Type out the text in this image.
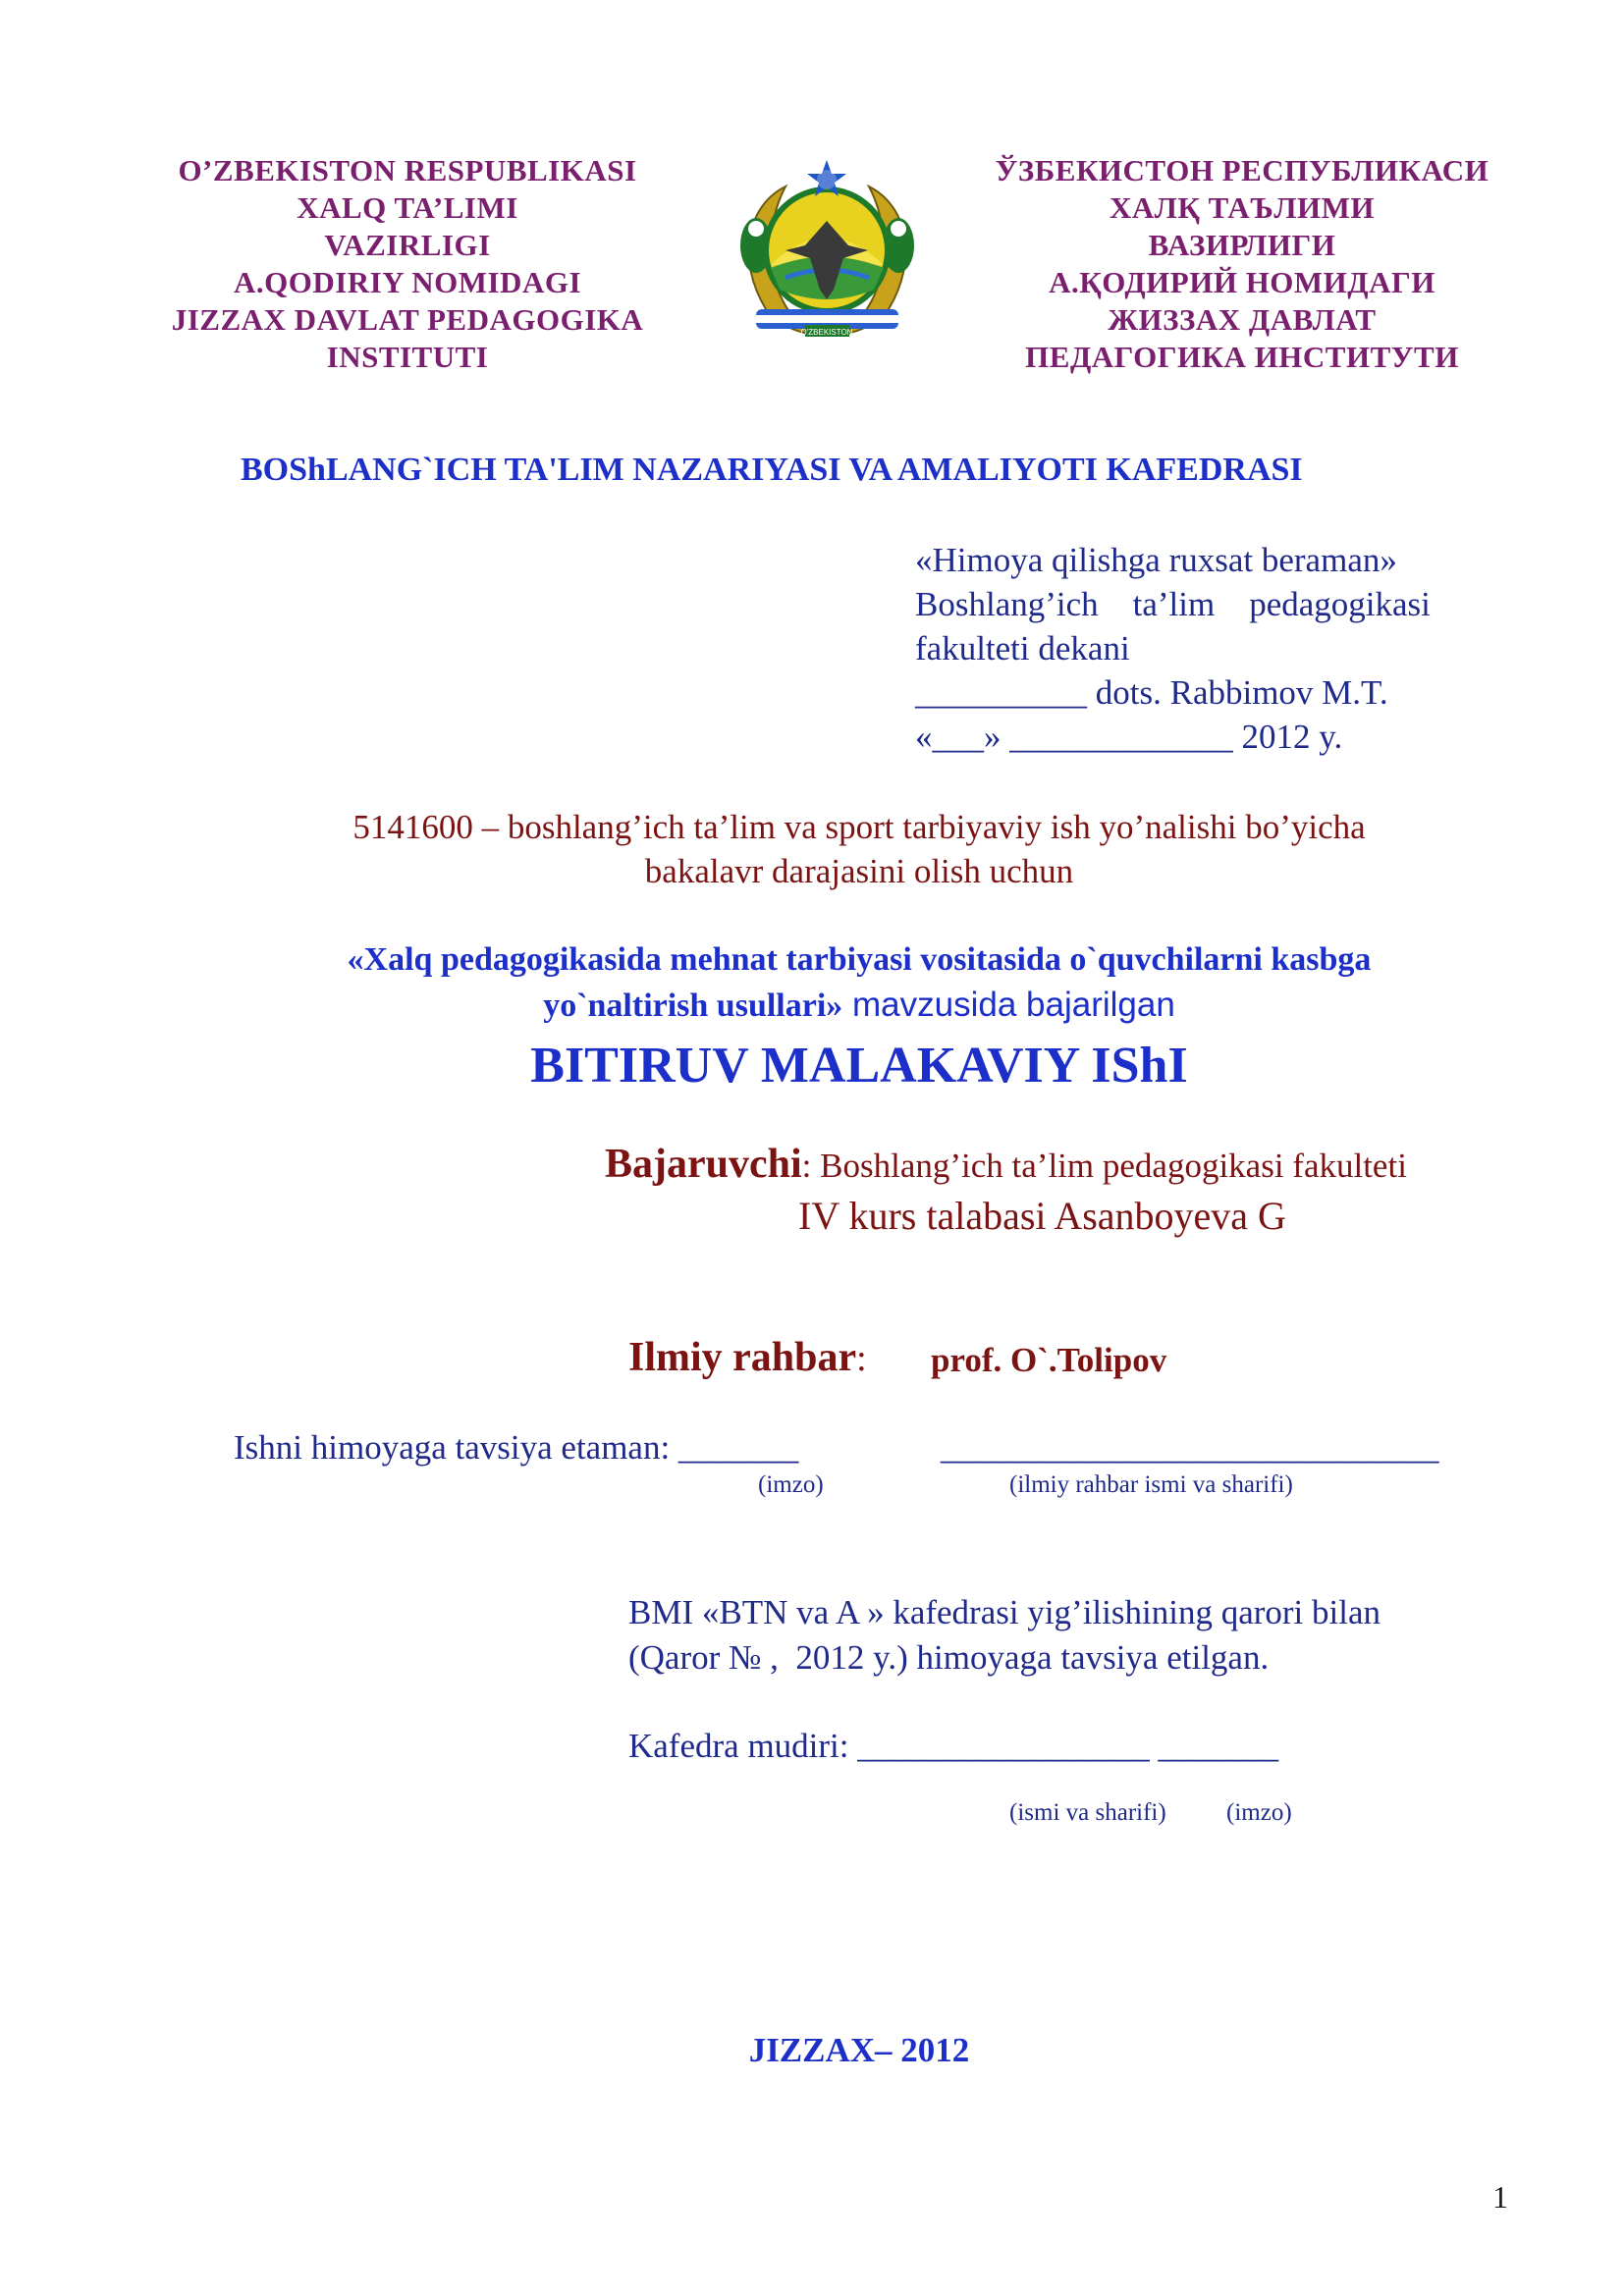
O’ZBEKISTON RESPUBLIKASI
XALQ TA’LIMI
VAZIRLIGI
A.QODIRIY NOMIDAGI
JIZZAX DAVLAT PEDAGOGIKA
INSTITUTI
O'ZBEKISTON
ЎЗБЕКИСТОН РЕСПУБЛИКАСИ
ХАЛҚ ТАЪЛИМИ
ВАЗИРЛИГИ
А.ҚОДИРИЙ НОМИДАГИ
ЖИЗЗАХ ДАВЛАТ
ПЕДАГОГИКА ИНСТИТУТИ
BOShLANG`ICH TA'LIM NAZARIYASI VA AMALIYOTI KAFEDRASI
«Himoya qilishga ruxsat beraman»
Boshlang’ich    ta’lim    pedagogikasi
fakulteti dekani
__________ dots. Rabbimov M.T.
«___» _____________ 2012 y.
5141600 – boshlang’ich ta’lim va sport tarbiyaviy ish yo’nalishi bo’yicha
bakalavr darajasini olish uchun
«Xalq pedagogikasida mehnat tarbiyasi vositasida o`quvchilarni kasbga
yo`naltirish usullari» mavzusida bajarilgan
BITIRUV MALAKAVIY IShI
Bajaruvchi: Boshlang’ich ta’lim pedagogikasi fakulteti
IV kurs talabasi Asanboyeva G
Ilmiy rahbar:	prof. O`.Tolipov
Ishni himoyaga tavsiya etaman: _______	_____________________________
(imzo)	(ilmiy rahbar ismi va sharifi)
BMI «BTN va A » kafedrasi yig’ilishining qarori bilan
(Qaror № ,  2012 y.) himoyaga tavsiya etilgan.
Kafedra mudiri: _________________ _______
(ismi va sharifi)	(imzo)
JIZZAX– 2012
1
